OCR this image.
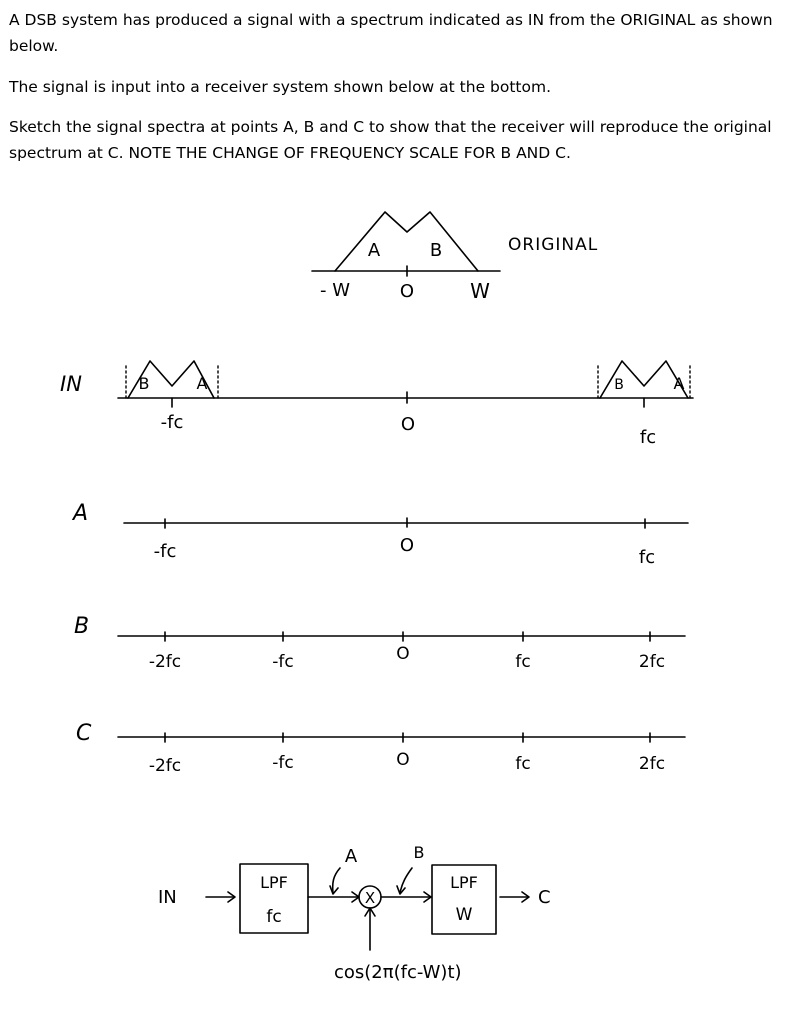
A DSB system has produced a signal with a spectrum indicated as IN from the ORIGINAL as shown below.

The signal is input into a receiver system shown below at the bottom.

Sketch the signal spectra at points A, B and C to show that the receiver will reproduce the original spectrum at C. NOTE THE CHANGE OF FREQUENCY SCALE FOR B AND C.

A	B	ORIGINAL
- W	O	W
IN	B	A	B	A
-fc	O
fc
A
-fc	O
fc
B
-2fc	-fc	O	fc	2fc
C
-2fc	-fc	O	fc	2fc
IN
LPF
fc
A	B
X
LPF
W
C
cos(2π(fc-W)t)
